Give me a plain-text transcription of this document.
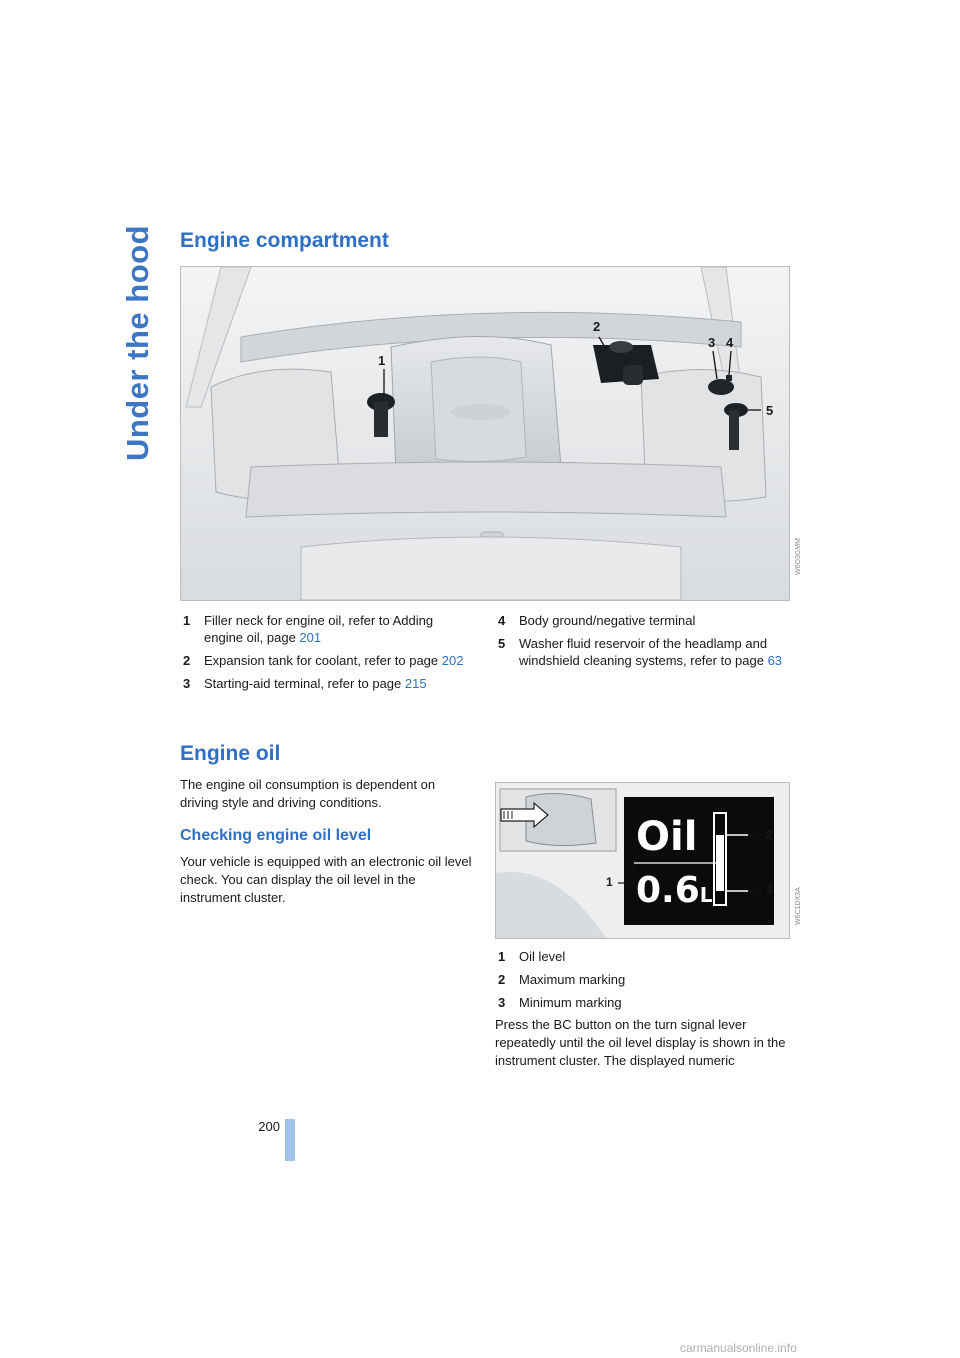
Under the hood Engine compartment
1
2
3 4
5
W6O3GMM
1 Filler neck for engine oil, refer to Adding engine oil, page 201
2 Expansion tank for coolant, refer to page 202
3 Starting-aid terminal, refer to page 215
4 Body ground/negative terminal
5 Washer fluid reservoir of the headlamp and windshield cleaning systems, refer to page 63
Engine oil

The engine oil consumption is dependent on driving style and driving conditions.

Checking engine oil level

Your vehicle is equipped with an electronic oil level check. You can display the oil level in the instrument cluster.

Oil
0.6L
1
2
3	W6C1DX3A
1 Oil level
2 Maximum marking
3 Minimum marking

Press the BC button on the turn signal lever repeatedly until the oil level display is shown in the instrument cluster. The displayed numeric

200
carmanualsonline.info
